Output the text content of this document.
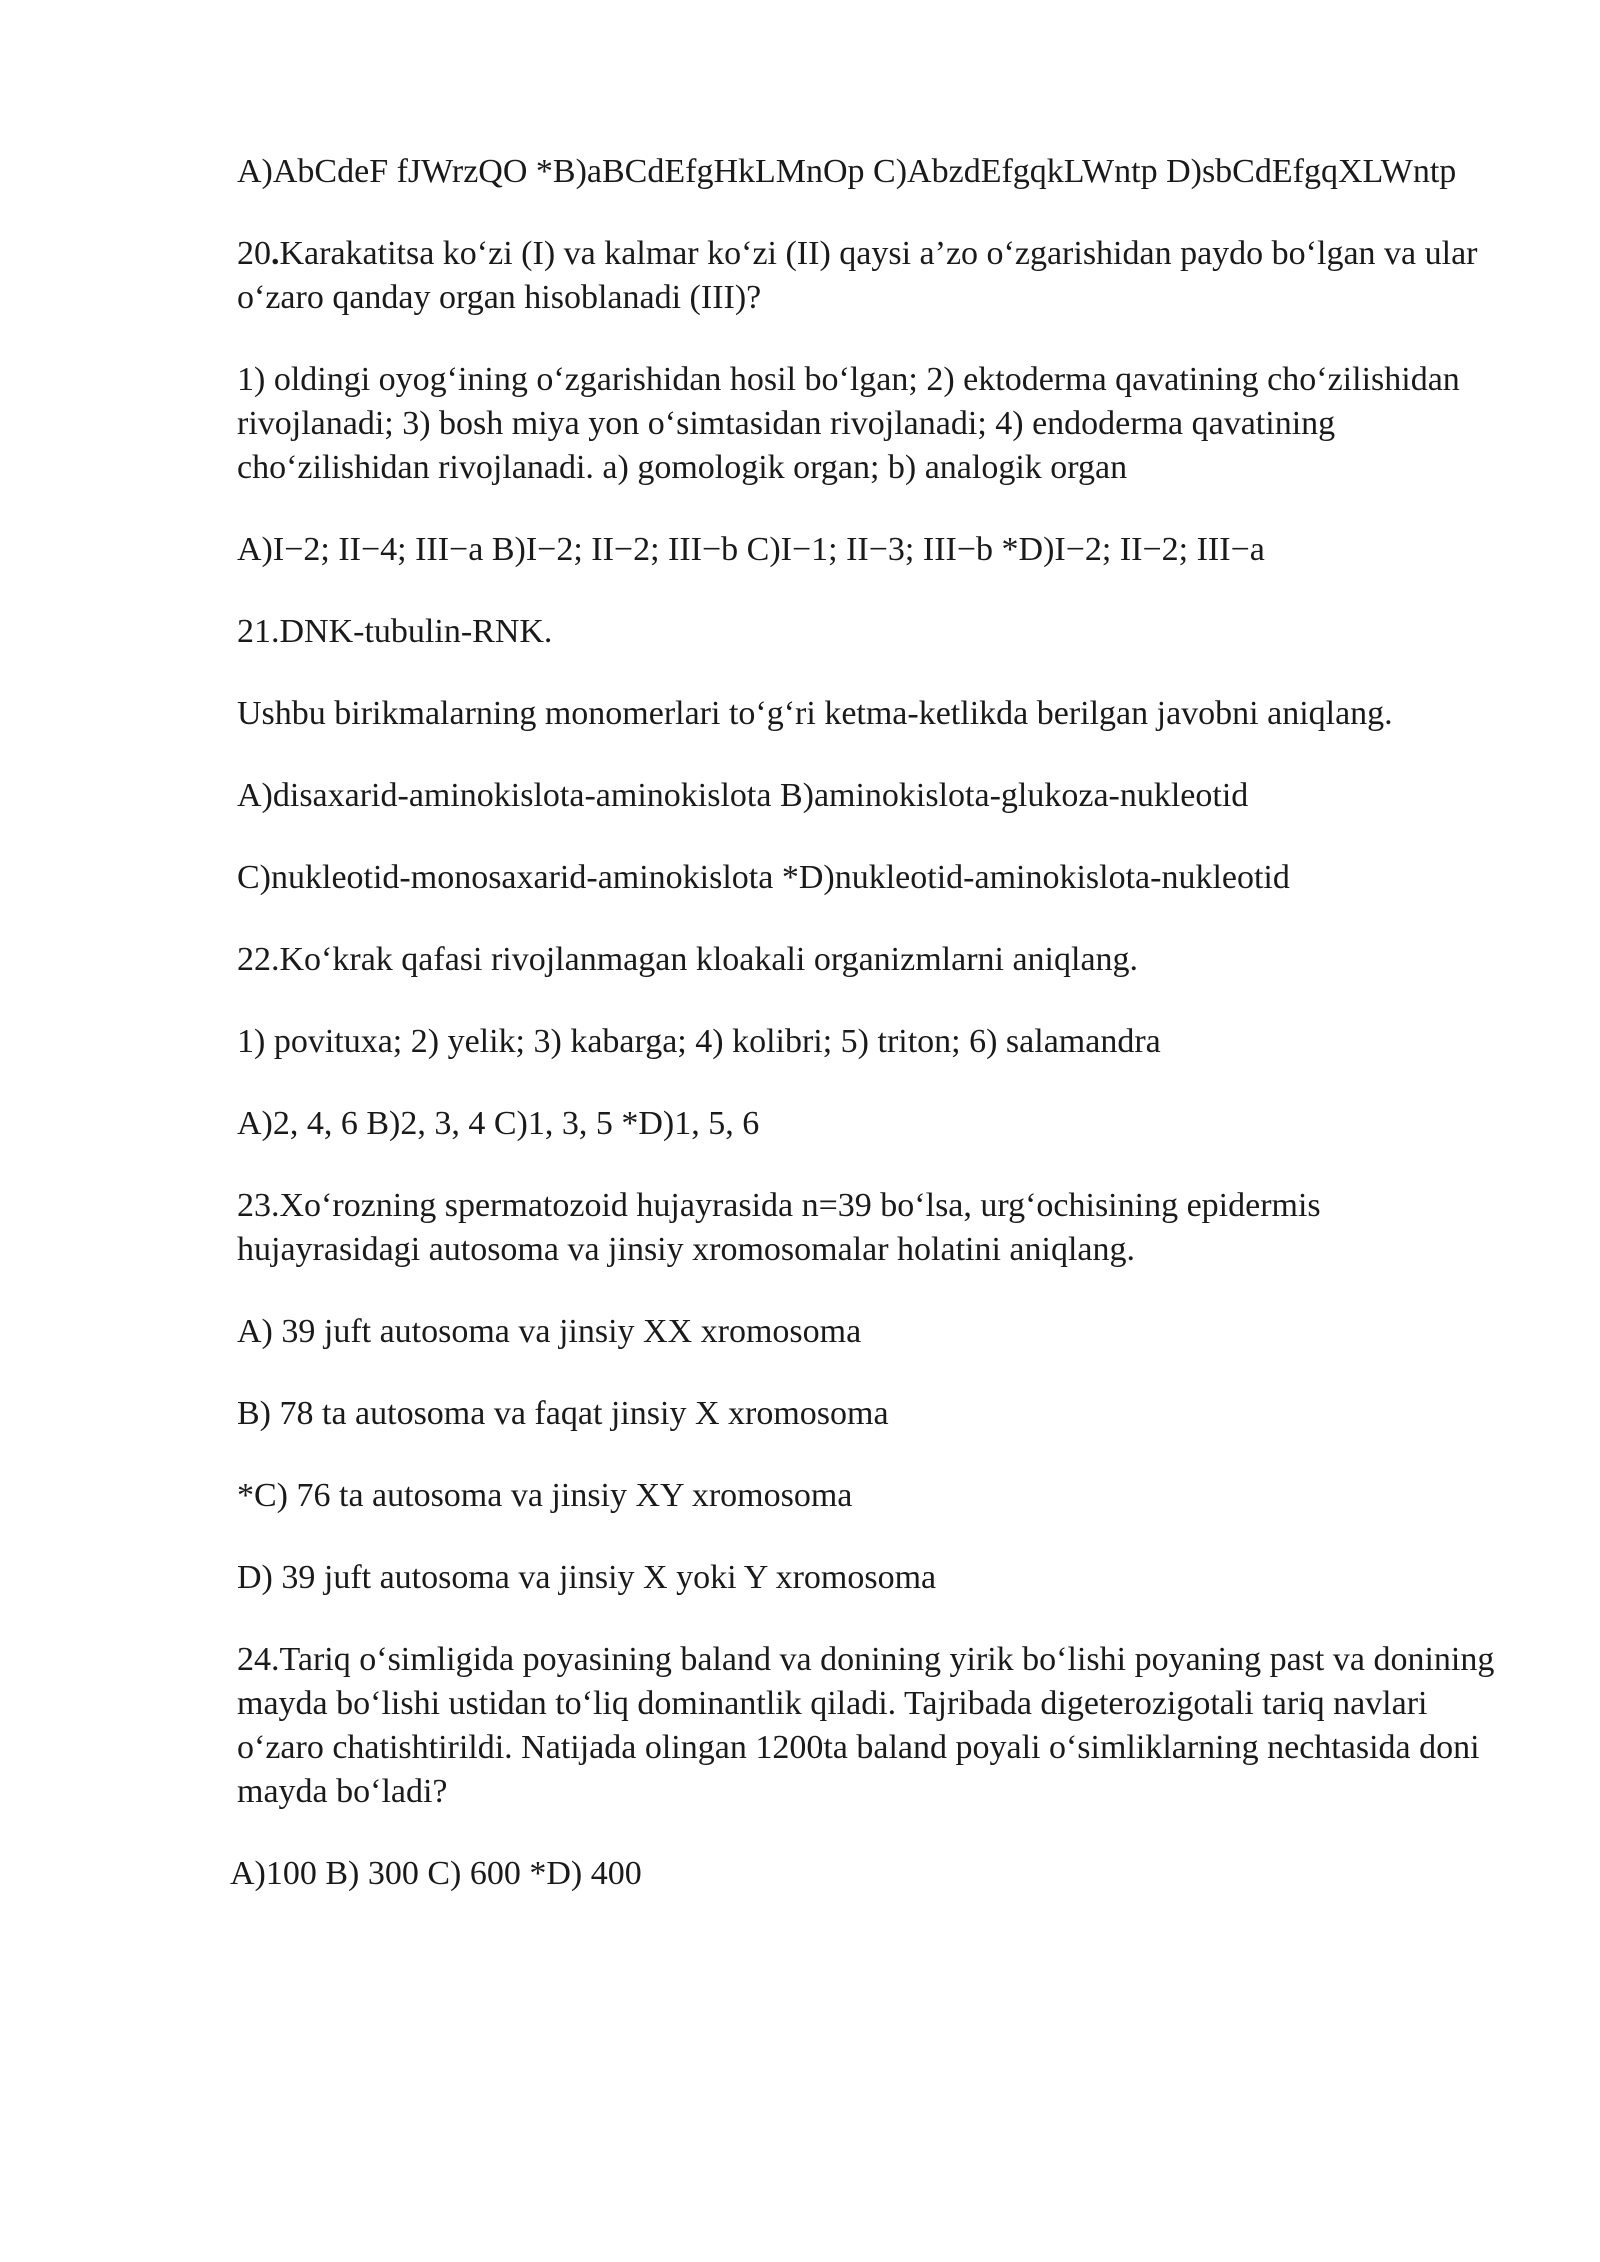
A)AbCdeF fJWrzQO *B)aBCdEfgHkLMnOp C)AbzdEfgqkLWntp D)sbCdEfgqXLWntp

20.Karakatitsa ko‘zi (I) va kalmar ko‘zi (II) qaysi a’zo o‘zgarishidan paydo bo‘lgan va ular o‘zaro qanday organ hisoblanadi (III)?

1) oldingi oyog‘ining o‘zgarishidan hosil bo‘lgan; 2) ektoderma qavatining cho‘zilishidan rivojlanadi; 3) bosh miya yon o‘simtasidan rivojlanadi; 4) endoderma qavatining cho‘zilishidan rivojlanadi. a) gomologik organ; b) analogik organ

A)I−2; II−4; III−a B)I−2; II−2; III−b C)I−1; II−3; III−b *D)I−2; II−2; III−a

21.DNK-tubulin-RNK.

Ushbu birikmalarning monomerlari to‘g‘ri ketma-ketlikda berilgan javobni aniqlang.

A)disaxarid-aminokislota-aminokislota B)aminokislota-glukoza-nukleotid

C)nukleotid-monosaxarid-aminokislota *D)nukleotid-aminokislota-nukleotid

22.Ko‘krak qafasi rivojlanmagan kloakali organizmlarni aniqlang.

1) povituxa; 2) yelik; 3) kabarga; 4) kolibri; 5) triton; 6) salamandra

A)2, 4, 6 B)2, 3, 4 C)1, 3, 5 *D)1, 5, 6

23.Xo‘rozning spermatozoid hujayrasida n=39 bo‘lsa, urg‘ochisining epidermis hujayrasidagi autosoma va jinsiy xromosomalar holatini aniqlang.

A) 39 juft autosoma va jinsiy XX xromosoma

B) 78 ta autosoma va faqat jinsiy X xromosoma

*C) 76 ta autosoma va jinsiy XY xromosoma

D) 39 juft autosoma va jinsiy X yoki Y xromosoma

24.Tariq o‘simligida poyasining baland va donining yirik bo‘lishi poyaning past va donining mayda bo‘lishi ustidan to‘liq dominantlik qiladi. Tajribada digeterozigotali tariq navlari o‘zaro chatishtirildi. Natijada olingan 1200ta baland poyali o‘simliklarning nechtasida doni mayda bo‘ladi?

A)100 B) 300 C) 600 *D) 400
